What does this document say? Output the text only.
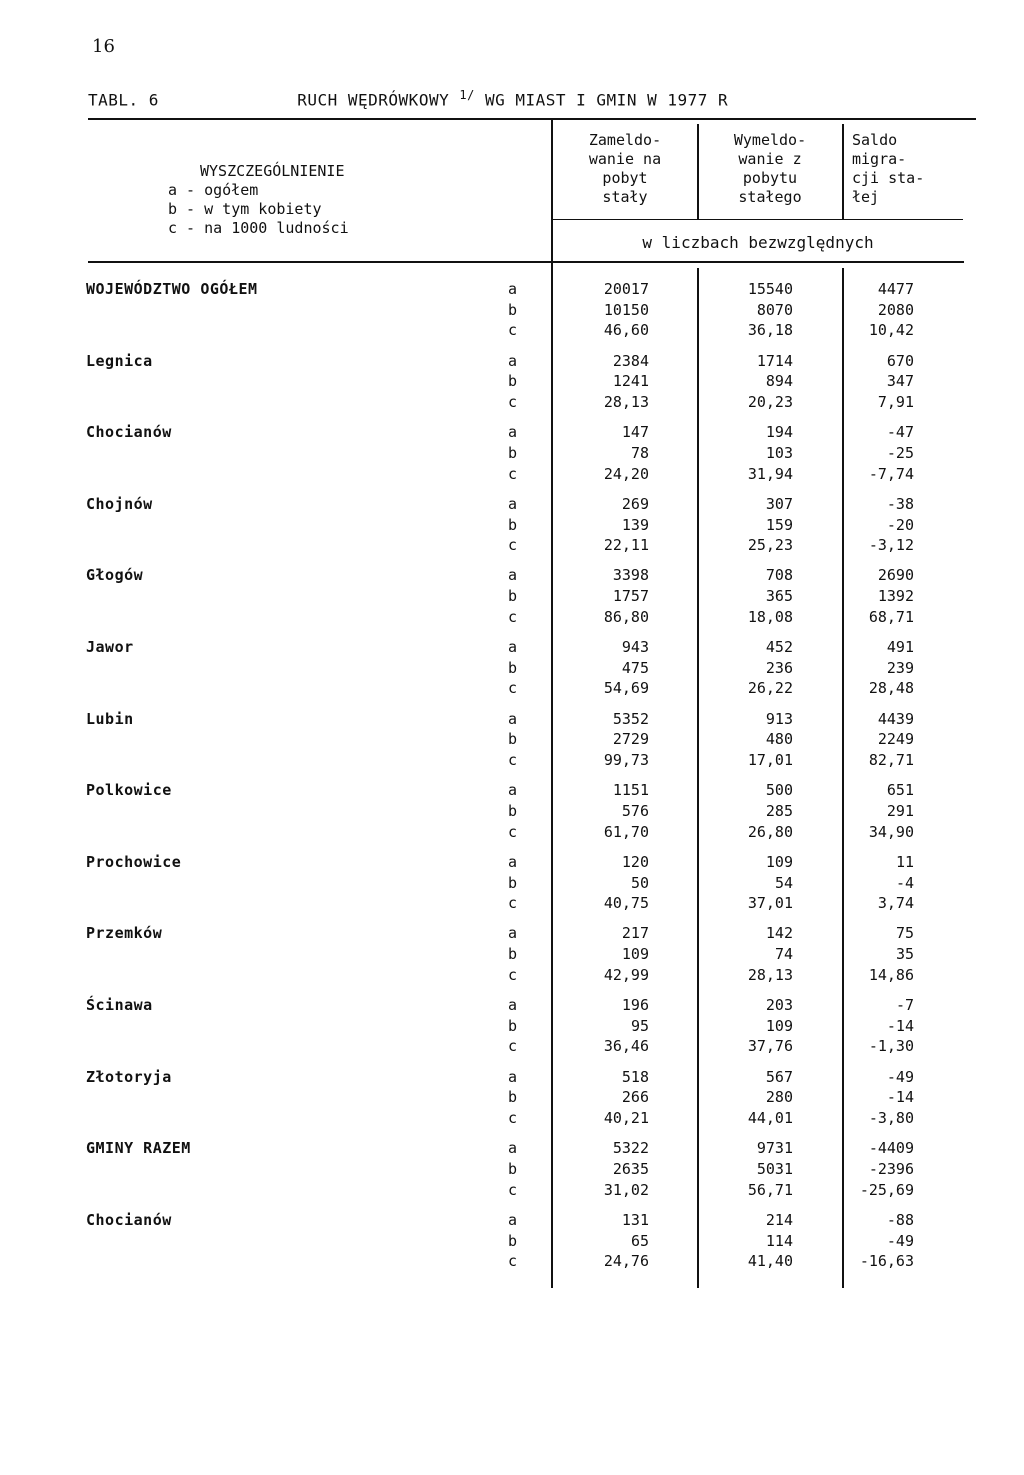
16
TABL. 6	RUCH WĘDRÓWKOWY $^{1/}$ WG MIAST I GMIN W 1977 R
WYSZCZEGÓLNIENIE
a - ogółem
b - w tym kobiety
c - na 1000 ludności
Zameldo-
wanie na
pobyt
stały
Wymeldo-
wanie z
pobytu
stałego
Saldo
migra-
cji sta-
łej
w liczbach bezwzględnych
WOJEWÓDZTWO OGÓŁEM	a	20017	15540	4477
b	10150	8070	2080
c	46,60	36,18	10,42
Legnica	a	2384	1714	670
b	1241	894	347
c	28,13	20,23	7,91
Chocianów	a	147	194	-47
b	78	103	-25
c	24,20	31,94	-7,74
Chojnów	a	269	307	-38
b	139	159	-20
c	22,11	25,23	-3,12
Głogów	a	3398	708	2690
b	1757	365	1392
c	86,80	18,08	68,71
Jawor	a	943	452	491
b	475	236	239
c	54,69	26,22	28,48
Lubin	a	5352	913	4439
b	2729	480	2249
c	99,73	17,01	82,71
Polkowice	a	1151	500	651
b	576	285	291
c	61,70	26,80	34,90
Prochowice	a	120	109	11
b	50	54	-4
c	40,75	37,01	3,74
Przemków	a	217	142	75
b	109	74	35
c	42,99	28,13	14,86
Ścinawa	a	196	203	-7
b	95	109	-14
c	36,46	37,76	-1,30
Złotoryja	a	518	567	-49
b	266	280	-14
c	40,21	44,01	-3,80
GMINY RAZEM	a	5322	9731	-4409
b	2635	5031	-2396
c	31,02	56,71	-25,69
Chocianów	a	131	214	-88
b	65	114	-49
c	24,76	41,40	-16,63
